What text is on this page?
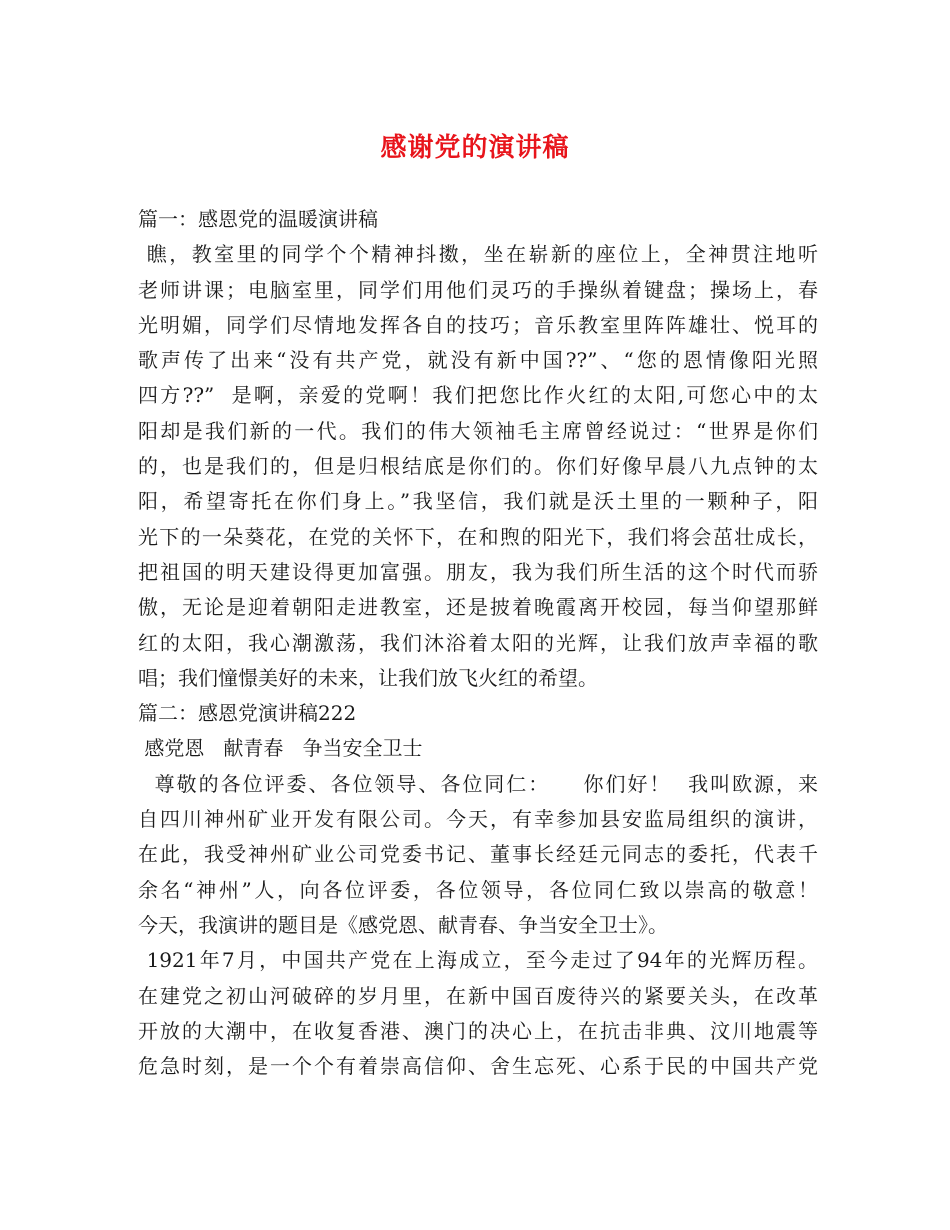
感谢党的演讲稿
篇一：感恩党的温暖演讲稿
瞧，教室里的同学个个精神抖擞，坐在崭新的座位上，全神贯注地听
老师讲课；电脑室里，同学们用他们灵巧的手操纵着键盘；操场上，春
光明媚，同学们尽情地发挥各自的技巧；音乐教室里阵阵雄壮、悦耳的
歌声传了出来“没有共产党，就没有新中国??”、“您的恩情像阳光照
四方??”  是啊，亲爱的党啊！我们把您比作火红的太阳,可您心中的太
阳却是我们新的一代。我们的伟大领袖毛主席曾经说过：“世界是你们
的，也是我们的，但是归根结底是你们的。你们好像早晨八九点钟的太
阳，希望寄托在你们身上。”我坚信，我们就是沃土里的一颗种子，阳
光下的一朵葵花，在党的关怀下，在和煦的阳光下，我们将会茁壮成长，
把祖国的明天建设得更加富强。朋友，我为我们所生活的这个时代而骄
傲，无论是迎着朝阳走进教室，还是披着晚霞离开校园，每当仰望那鲜
红的太阳，我心潮激荡，我们沐浴着太阳的光辉，让我们放声幸福的歌
唱；我们憧憬美好的未来，让我们放飞火红的希望。
篇二：感恩党演讲稿222
感党恩   献青春   争当安全卫士
尊敬的各位评委、各位领导、各位同仁：    你们好！  我叫欧源，来
自四川神州矿业开发有限公司。今天，有幸参加县安监局组织的演讲，
在此，我受神州矿业公司党委书记、董事长经廷元同志的委托，代表千
余名“神州”人，向各位评委，各位领导，各位同仁致以崇高的敬意！
今天，我演讲的题目是《感党恩、献青春、争当安全卫士》。
1921年7月，中国共产党在上海成立，至今走过了94年的光辉历程。
在建党之初山河破碎的岁月里，在新中国百废待兴的紧要关头，在改革
开放的大潮中，在收复香港、澳门的决心上，在抗击非典、汶川地震等
危急时刻，是一个个有着崇高信仰、舍生忘死、心系于民的中国共产党
